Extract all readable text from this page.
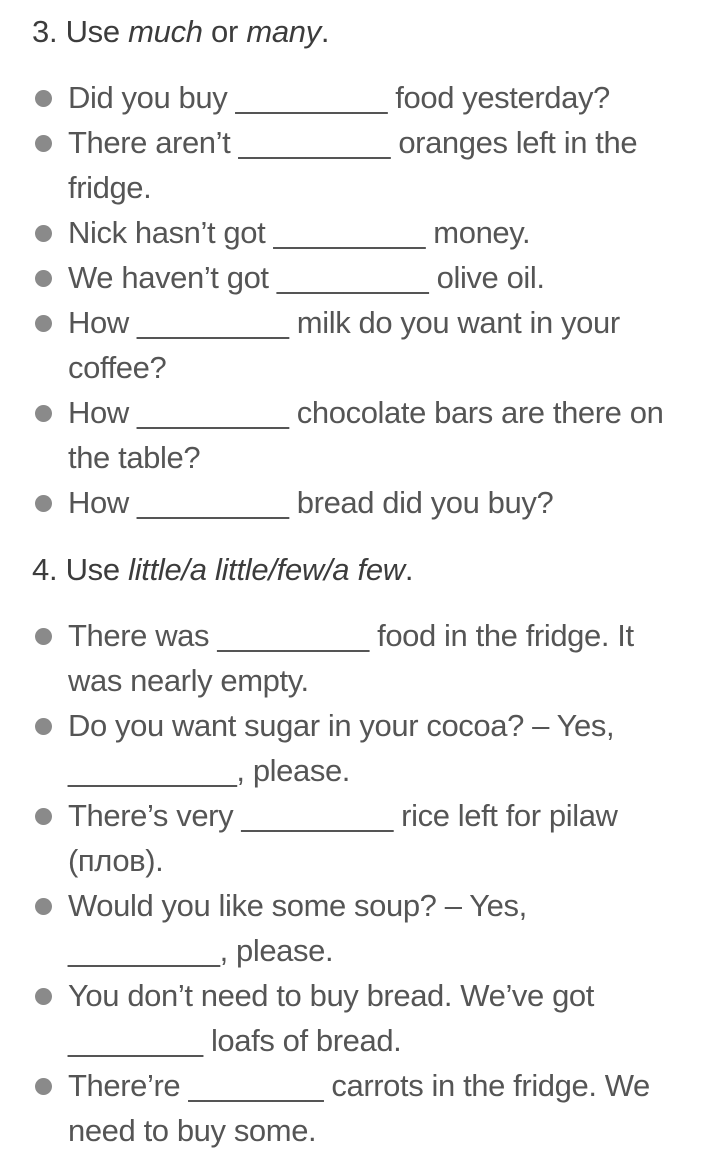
3. Use much or many.
Did you buy _________ food yesterday?
There aren’t _________ oranges left in the fridge.
Nick hasn’t got _________ money.
We haven’t got _________ olive oil.
How _________ milk do you want in your coffee?
How _________ chocolate bars are there on the table?
How _________ bread did you buy?
4. Use little/a little/few/a few.
There was _________ food in the fridge. It was nearly empty.
Do you want sugar in your cocoa? – Yes, __________, please.
There’s very _________ rice left for pilaw (плов).
Would you like some soup? – Yes, _________, please.
You don’t need to buy bread. We’ve got ________ loafs of bread.
There’re ________ carrots in the fridge. We need to buy some.
